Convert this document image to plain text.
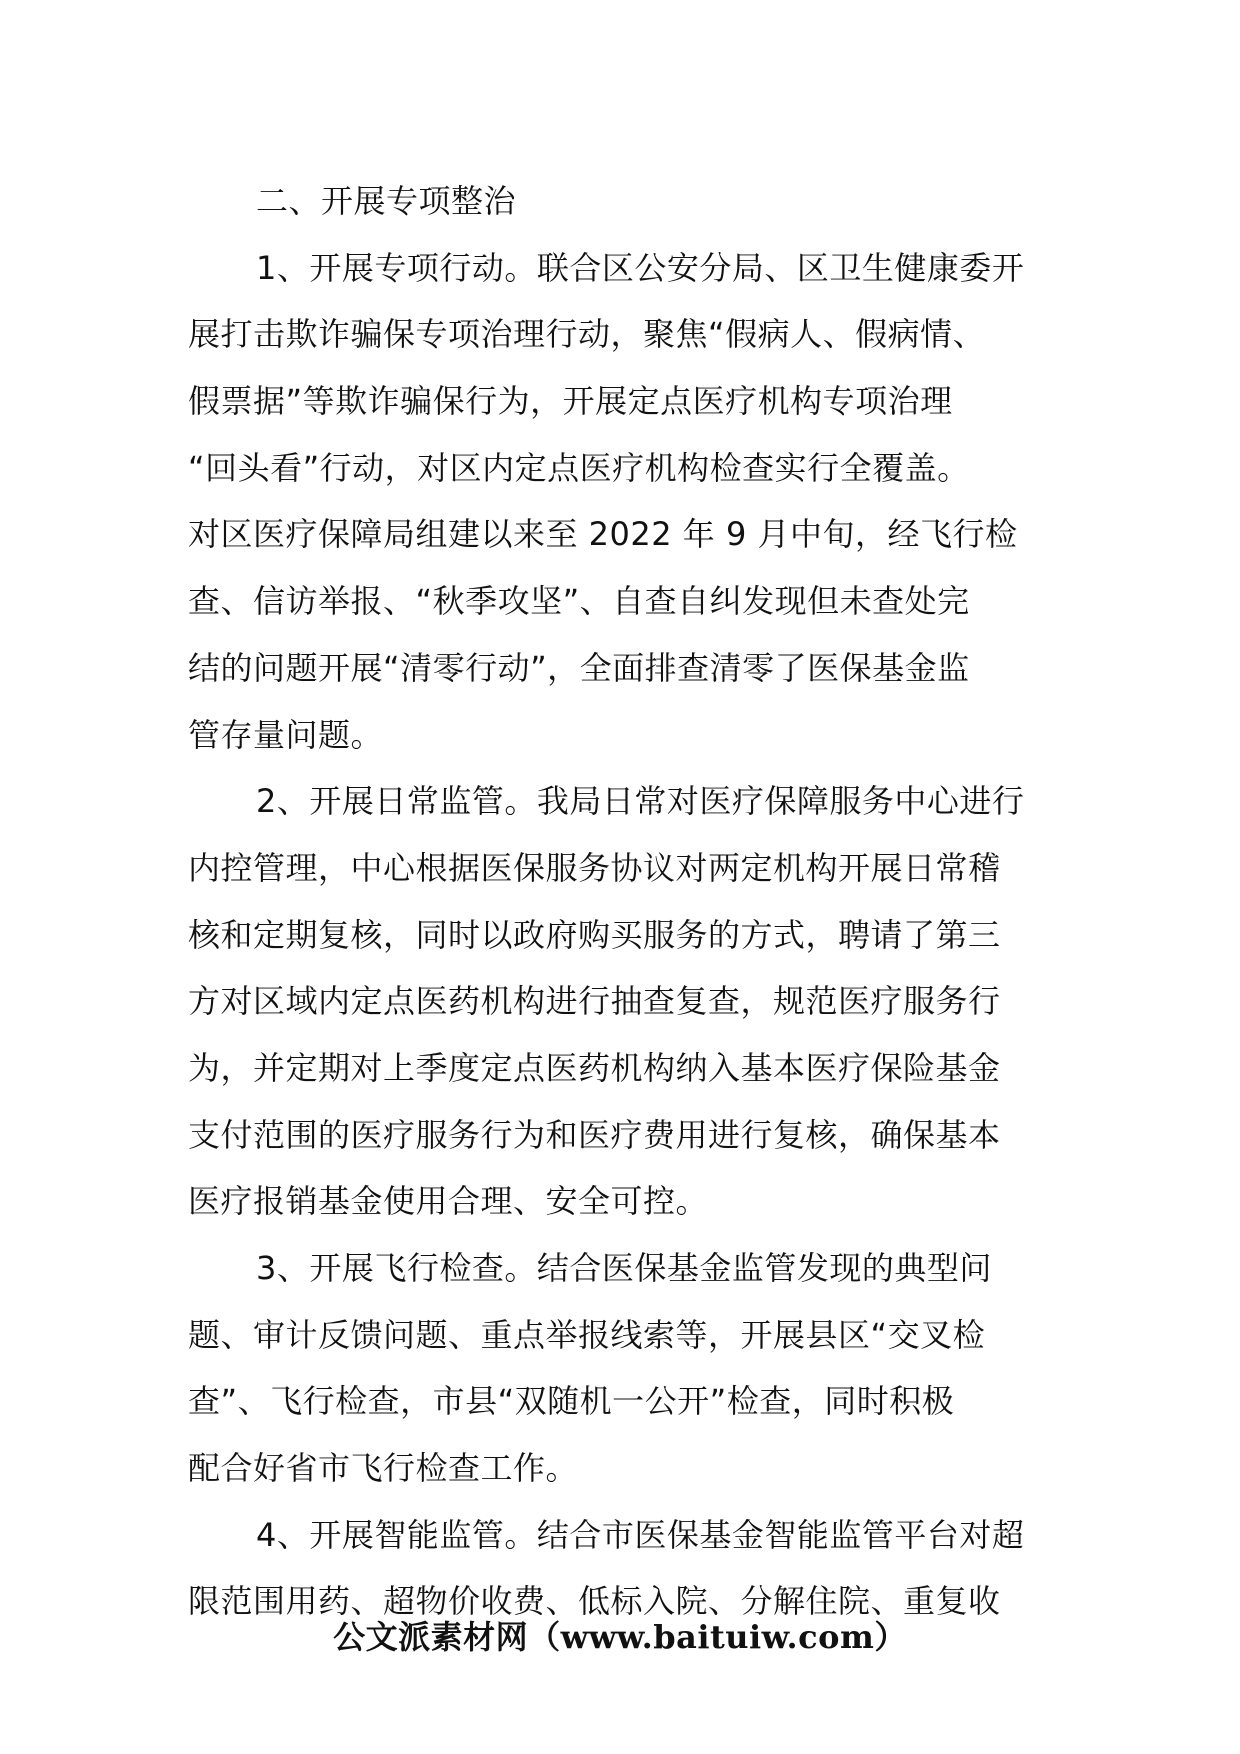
二、开展专项整治
1、开展专项行动。联合区公安分局、区卫生健康委开
展打击欺诈骗保专项治理行动，聚焦“假病人、假病情、
假票据”等欺诈骗保行为，开展定点医疗机构专项治理
“回头看”行动，对区内定点医疗机构检查实行全覆盖。
对区医疗保障局组建以来至 2022 年 9 月中旬，经飞行检
查、信访举报、“秋季攻坚”、自查自纠发现但未查处完
结的问题开展“清零行动”，全面排查清零了医保基金监
管存量问题。
2、开展日常监管。我局日常对医疗保障服务中心进行
内控管理，中心根据医保服务协议对两定机构开展日常稽
核和定期复核，同时以政府购买服务的方式，聘请了第三
方对区域内定点医药机构进行抽查复查，规范医疗服务行
为，并定期对上季度定点医药机构纳入基本医疗保险基金
支付范围的医疗服务行为和医疗费用进行复核，确保基本
医疗报销基金使用合理、安全可控。
3、开展飞行检查。结合医保基金监管发现的典型问
题、审计反馈问题、重点举报线索等，开展县区“交叉检
查”、飞行检查，市县“双随机一公开”检查，同时积极
配合好省市飞行检查工作。
4、开展智能监管。结合市医保基金智能监管平台对超
限范围用药、超物价收费、低标入院、分解住院、重复收
公文派素材网（www.baituiw.com）
